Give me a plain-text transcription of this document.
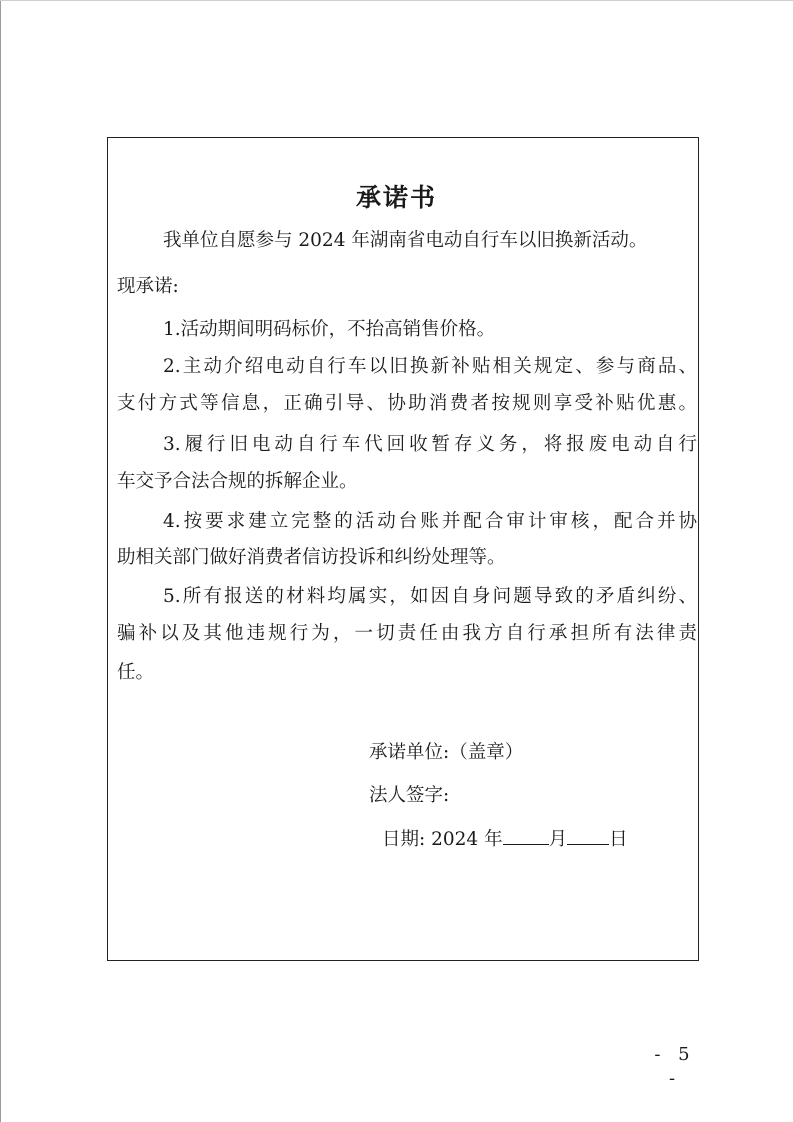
承诺书
我单位自愿参与 2024 年湖南省电动自行车以旧换新活动。
现承诺:
1.活动期间明码标价，不抬高销售价格。
2.主动介绍电动自行车以旧换新补贴相关规定、参与商品、
支付方式等信息，正确引导、协助消费者按规则享受补贴优惠。
3.履行旧电动自行车代回收暂存义务，将报废电动自行
车交予合法合规的拆解企业。
4.按要求建立完整的活动台账并配合审计审核，配合并协
助相关部门做好消费者信访投诉和纠纷处理等。
5.所有报送的材料均属实，如因自身问题导致的矛盾纠纷、
骗补以及其他违规行为，一切责任由我方自行承担所有法律责
任。
承诺单位:（盖章）
法人签字:
日期: 2024 年 月 日
- 5 -
